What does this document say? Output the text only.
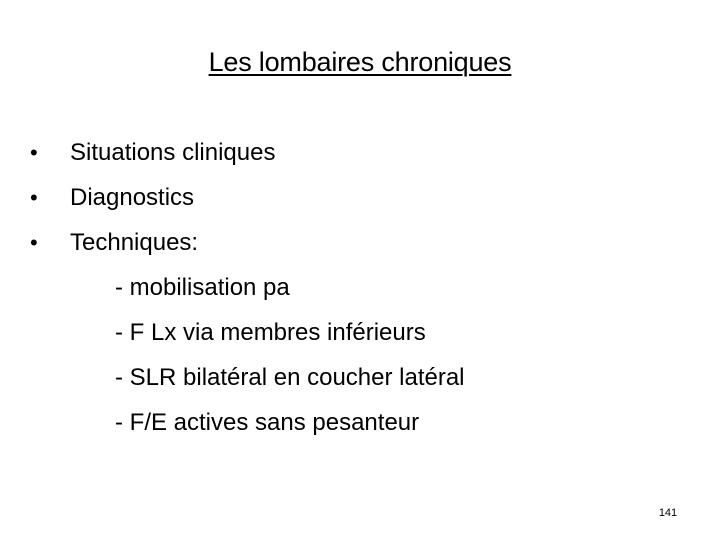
Les lombaires chroniques
•	Situations cliniques
•	Diagnostics
•	Techniques:
- mobilisation pa
- F Lx via membres inférieurs
- SLR bilatéral en coucher latéral
- F/E actives sans pesanteur
141
